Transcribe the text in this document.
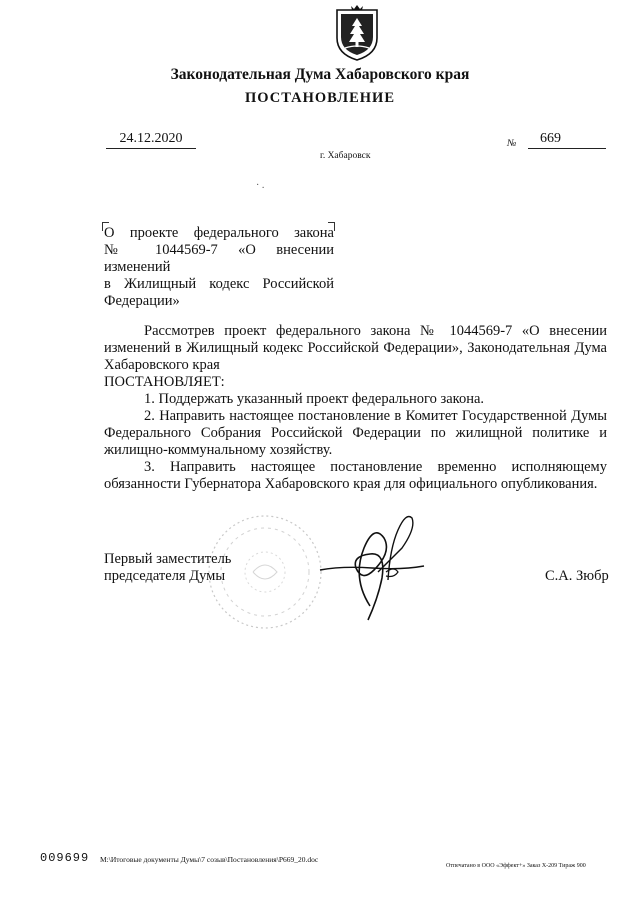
Законодательная Дума Хабаровского края
ПОСТАНОВЛЕНИЕ
24.12.2020
г. Хабаровск
№	669
· .
О проекте федерального закона
№ 1044569-7 «О внесении изменений
в Жилищный кодекс Российской
Федерации»

Рассмотрев проект федерального закона № 1044569-7 «О внесении

изменений в Жилищный кодекс Российской Федерации», Законодательная Дума

Хабаровского края

ПОСТАНОВЛЯЕТ:

1. Поддержать указанный проект федерального закона.

2. Направить настоящее постановление в Комитет Государственной Думы Федерального Собрания Российской Федерации по жилищной политике и жилищно-коммунальному хозяйству.

3. Направить настоящее постановление временно исполняющему обязанности Губернатора Хабаровского края для официального опубликования.

Первый заместитель
председателя Думы	С.А. Зюбр
009699 M:\Итоговые документы Думы\7 созыв\Постановления\P669_20.doc
Отпечатано в ООО «Эффект+» Заказ Х-209 Тираж 900
